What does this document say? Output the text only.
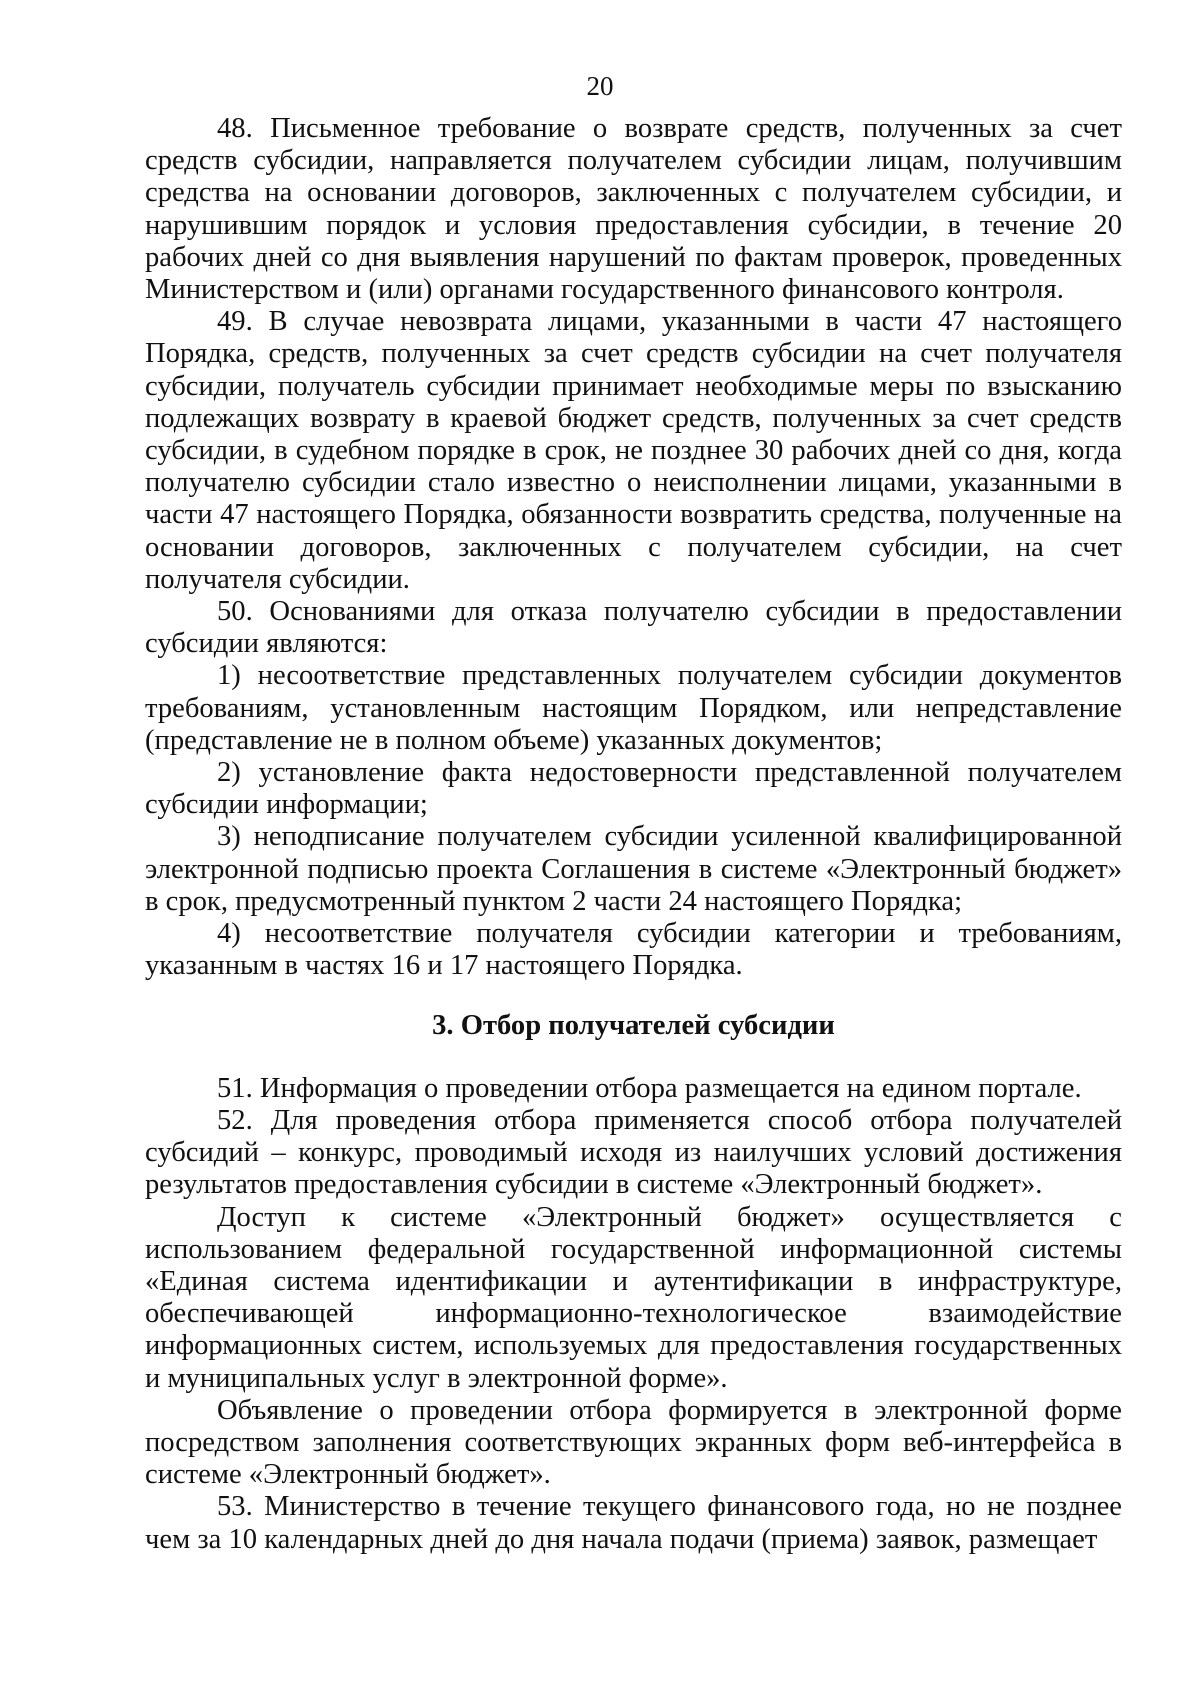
20

48. Письменное требование о возврате средств, полученных за счет средств субсидии, направляется получателем субсидии лицам, получившим средства на основании договоров, заключенных с получателем субсидии, и нарушившим порядок и условия предоставления субсидии, в течение 20 рабочих дней со дня выявления нарушений по фактам проверок, проведенных Министерством и (или) органами государственного финансового контроля.

49. В случае невозврата лицами, указанными в части 47 настоящего Порядка, средств, полученных за счет средств субсидии на счет получателя субсидии, получатель субсидии принимает необходимые меры по взысканию подлежащих возврату в краевой бюджет средств, полученных за счет средств субсидии, в судебном порядке в срок, не позднее 30 рабочих дней со дня, когда получателю субсидии стало известно о неисполнении лицами, указанными в части 47 настоящего Порядка, обязанности возвратить средства, полученные на основании договоров, заключенных с получателем субсидии, на счет получателя субсидии.

50. Основаниями для отказа получателю субсидии в предоставлении субсидии являются:

1) несоответствие представленных получателем субсидии документов требованиям, установленным настоящим Порядком, или непредставление (представление не в полном объеме) указанных документов;

2) установление факта недостоверности представленной получателем субсидии информации;

3) неподписание получателем субсидии усиленной квалифицированной электронной подписью проекта Соглашения в системе «Электронный бюджет» в срок, предусмотренный пунктом 2 части 24 настоящего Порядка;

4) несоответствие получателя субсидии категории и требованиям, указанным в частях 16 и 17 настоящего Порядка.

3. Отбор получателей субсидии

51. Информация о проведении отбора размещается на едином портале.

52. Для проведения отбора применяется способ отбора получателей субсидий – конкурс, проводимый исходя из наилучших условий достижения результатов предоставления субсидии в системе «Электронный бюджет».

Доступ к системе «Электронный бюджет» осуществляется с использованием федеральной государственной информационной системы «Единая система идентификации и аутентификации в инфраструктуре, обеспечивающей информационно-технологическое взаимодействие информационных систем, используемых для предоставления государственных и муниципальных услуг в электронной форме».

Объявление о проведении отбора формируется в электронной форме посредством заполнения соответствующих экранных форм веб-интерфейса в системе «Электронный бюджет».

53. Министерство в течение текущего финансового года, но не позднее чем за 10 календарных дней до дня начала подачи (приема) заявок, размещает
